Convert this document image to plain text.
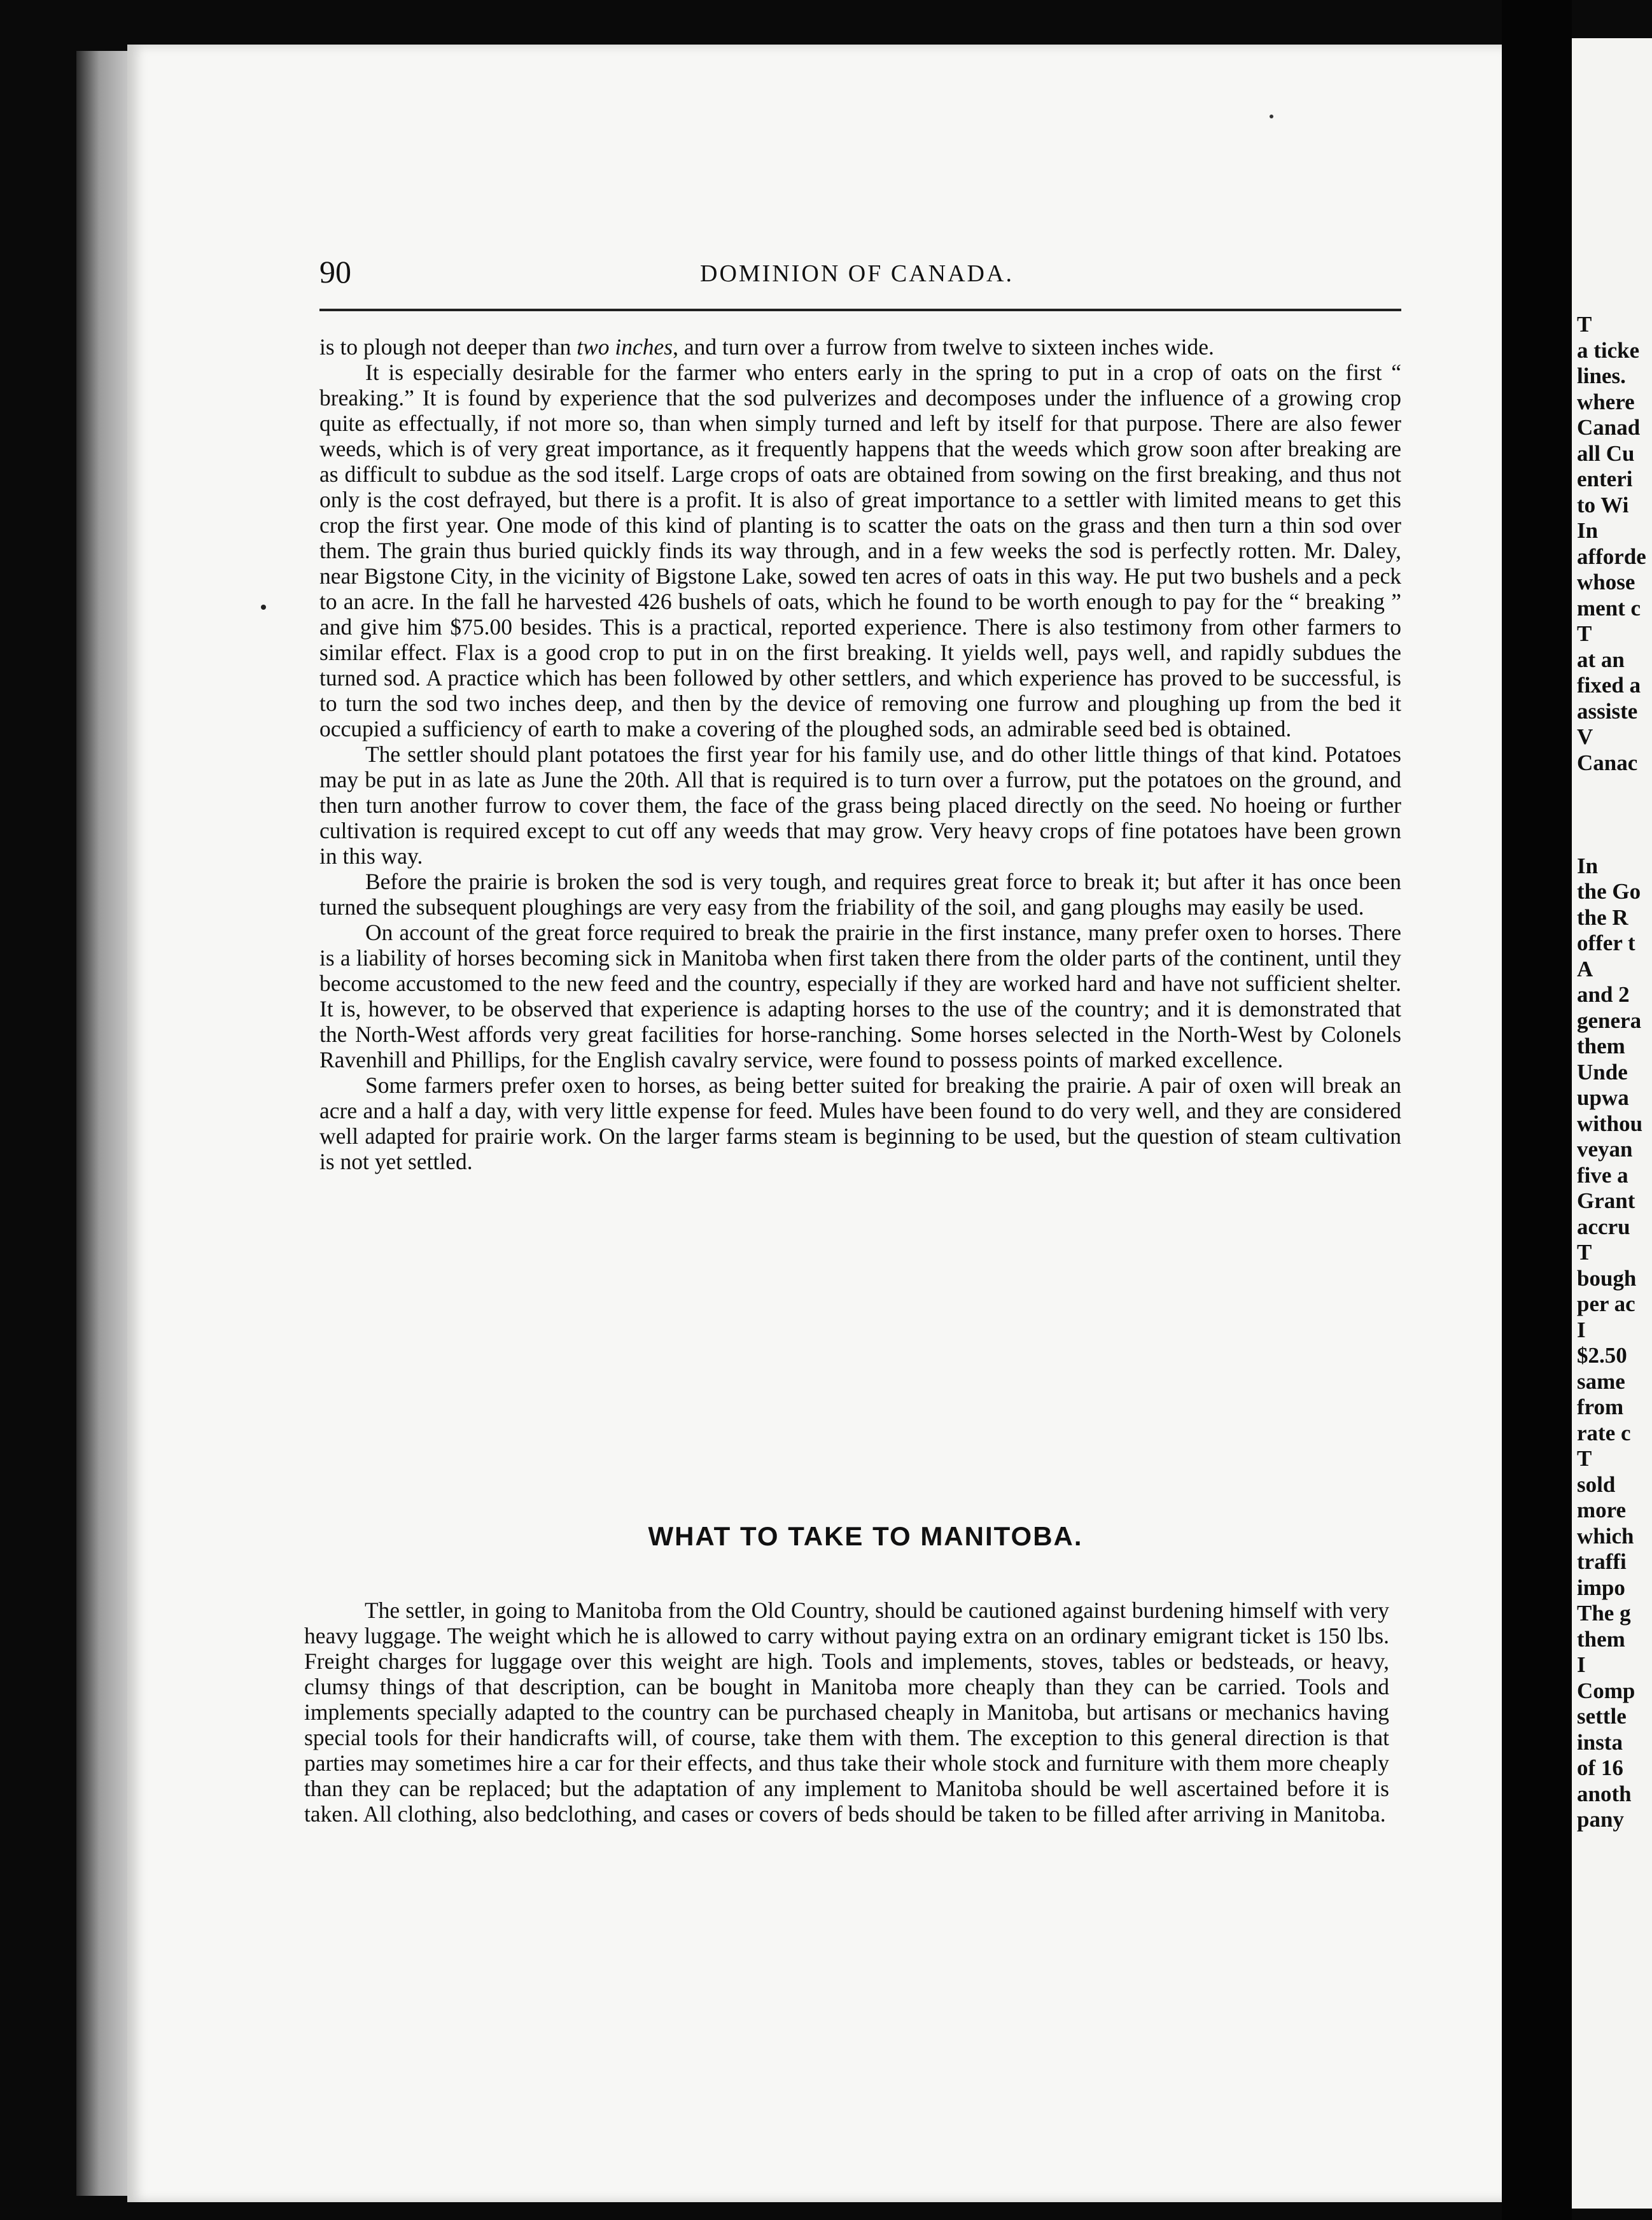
90	DOMINION OF CANADA.

is to plough not deeper than two inches, and turn over a furrow from twelve to sixteen inches wide.

It is especially desirable for the farmer who enters early in the spring to put in a crop of oats on the first “ breaking.” It is found by experience that the sod pulverizes and decomposes under the influence of a growing crop quite as effectually, if not more so, than when simply turned and left by itself for that purpose. There are also fewer weeds, which is of very great importance, as it frequently happens that the weeds which grow soon after breaking are as difficult to subdue as the sod itself. Large crops of oats are obtained from sowing on the first breaking, and thus not only is the cost defrayed, but there is a profit. It is also of great importance to a settler with limited means to get this crop the first year. One mode of this kind of planting is to scatter the oats on the grass and then turn a thin sod over them. The grain thus buried quickly finds its way through, and in a few weeks the sod is perfectly rotten. Mr. Daley, near Bigstone City, in the vicinity of Bigstone Lake, sowed ten acres of oats in this way. He put two bushels and a peck to an acre. In the fall he harvested 426 bushels of oats, which he found to be worth enough to pay for the “ breaking ” and give him $75.00 besides. This is a practical, reported experience. There is also testimony from other farmers to similar effect. Flax is a good crop to put in on the first breaking. It yields well, pays well, and rapidly subdues the turned sod. A practice which has been followed by other settlers, and which experience has proved to be successful, is to turn the sod two inches deep, and then by the device of removing one furrow and ploughing up from the bed it occupied a sufficiency of earth to make a covering of the ploughed sods, an admirable seed bed is obtained.

The settler should plant potatoes the first year for his family use, and do other little things of that kind. Potatoes may be put in as late as June the 20th. All that is required is to turn over a furrow, put the potatoes on the ground, and then turn another furrow to cover them, the face of the grass being placed directly on the seed. No hoeing or further cultivation is required except to cut off any weeds that may grow. Very heavy crops of fine potatoes have been grown in this way.

Before the prairie is broken the sod is very tough, and requires great force to break it; but after it has once been turned the subsequent ploughings are very easy from the friability of the soil, and gang ploughs may easily be used.

On account of the great force required to break the prairie in the first instance, many prefer oxen to horses. There is a liability of horses becoming sick in Manitoba when first taken there from the older parts of the continent, until they become accustomed to the new feed and the country, especially if they are worked hard and have not sufficient shelter. It is, however, to be observed that experience is adapting horses to the use of the country; and it is demonstrated that the North-West affords very great facilities for horse-ranching. Some horses selected in the North-West by Colonels Ravenhill and Phillips, for the English cavalry service, were found to possess points of marked excellence.

Some farmers prefer oxen to horses, as being better suited for breaking the prairie. A pair of oxen will break an acre and a half a day, with very little expense for feed. Mules have been found to do very well, and they are considered well adapted for prairie work. On the larger farms steam is beginning to be used, but the question of steam cultivation is not yet settled.

WHAT TO TAKE TO MANITOBA.

The settler, in going to Manitoba from the Old Country, should be cautioned against burdening himself with very heavy luggage. The weight which he is allowed to carry without paying extra on an ordinary emigrant ticket is 150 lbs. Freight charges for luggage over this weight are high. Tools and implements, stoves, tables or bedsteads, or heavy, clumsy things of that description, can be bought in Manitoba more cheaply than they can be carried. Tools and implements specially adapted to the country can be purchased cheaply in Manitoba, but artisans or mechanics having special tools for their handicrafts will, of course, take them with them. The exception to this general direction is that parties may sometimes hire a car for their effects, and thus take their whole stock and furniture with them more cheaply than they can be replaced; but the adaptation of any implement to Manitoba should be well ascertained before it is taken. All clothing, also bedclothing, and cases or covers of beds should be taken to be filled after arriving in Manitoba.

T
a ticke
lines.
where
Canad
all Cu
enteri
to Wi
In
afforde
whose
ment c
T
at an
fixed a
assiste
V
Canac
In
the Go
the R
offer t
A
and 2
genera
them
Unde
upwa
withou
veyan
five a
Grant
accru
T
bough
per ac
I
$2.50
same
from
rate c
T
sold
more
which
traffi
impo
The g
them
I
Comp
settle
insta
of 16
anoth
pany
